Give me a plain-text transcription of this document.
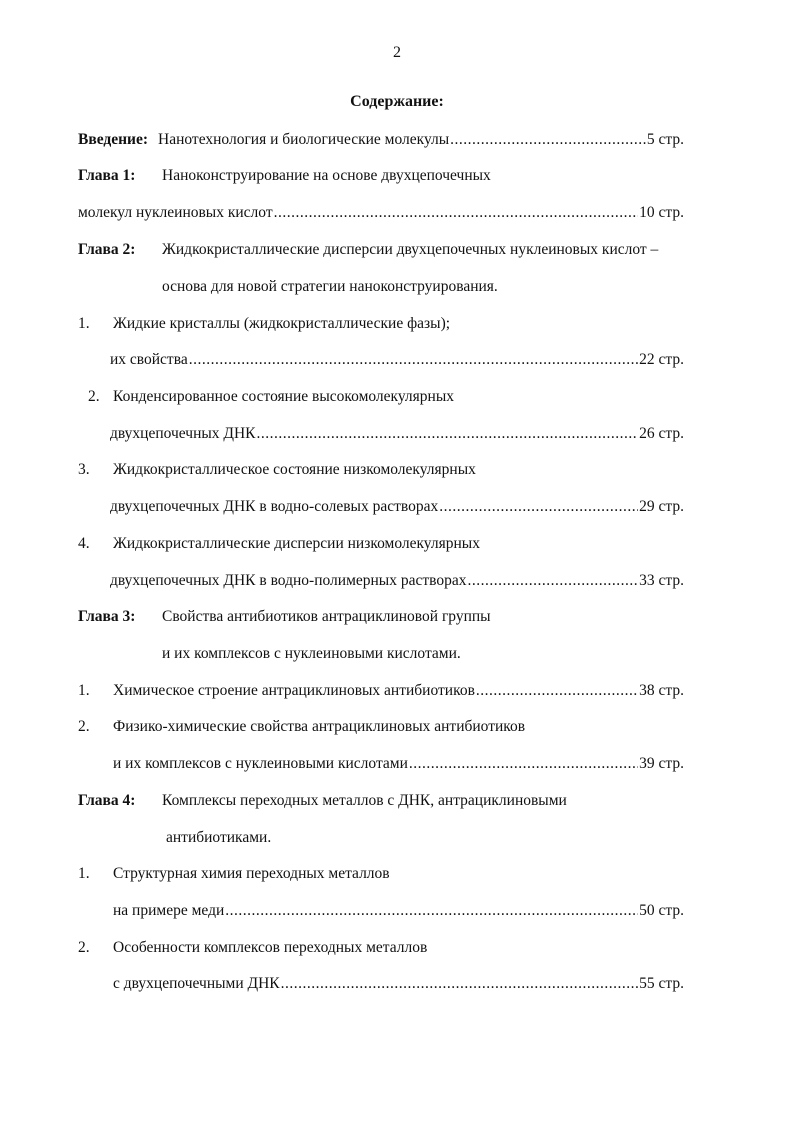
2
Содержание:
Введение: Нанотехнология и биологические молекулы .....	5 стр.
Глава 1: Наноконструирование на основе двухцепочечных
молекул нуклеиновых кислот .....	10 стр.
Глава 2: Жидкокристаллические дисперсии двухцепочечных нуклеиновых кислот –
основа для новой стратегии наноконструирования.
1. Жидкие кристаллы (жидкокристаллические фазы);
их свойства .....	22 стр.
2. Конденсированное состояние высокомолекулярных
двухцепочечных ДНК .....	26 стр.
3. Жидкокристаллическое состояние низкомолекулярных
двухцепочечных ДНК в водно-солевых растворах .....	29 стр.
4. Жидкокристаллические дисперсии низкомолекулярных
двухцепочечных ДНК в водно-полимерных растворах .....	33 стр.
Глава 3: Свойства антибиотиков антрациклиновой группы
и их комплексов с нуклеиновыми кислотами.
1. Химическое строение антрациклиновых антибиотиков .....	38 стр.
2. Физико-химические свойства антрациклиновых антибиотиков
и их комплексов с нуклеиновыми кислотами .....	39 стр.
Глава 4: Комплексы переходных металлов с ДНК, антрациклиновыми
антибиотиками.
1. Структурная химия переходных металлов
на примере меди .....	50 стр.
2. Особенности комплексов переходных металлов
с двухцепочечными ДНК .....	55 стр.
